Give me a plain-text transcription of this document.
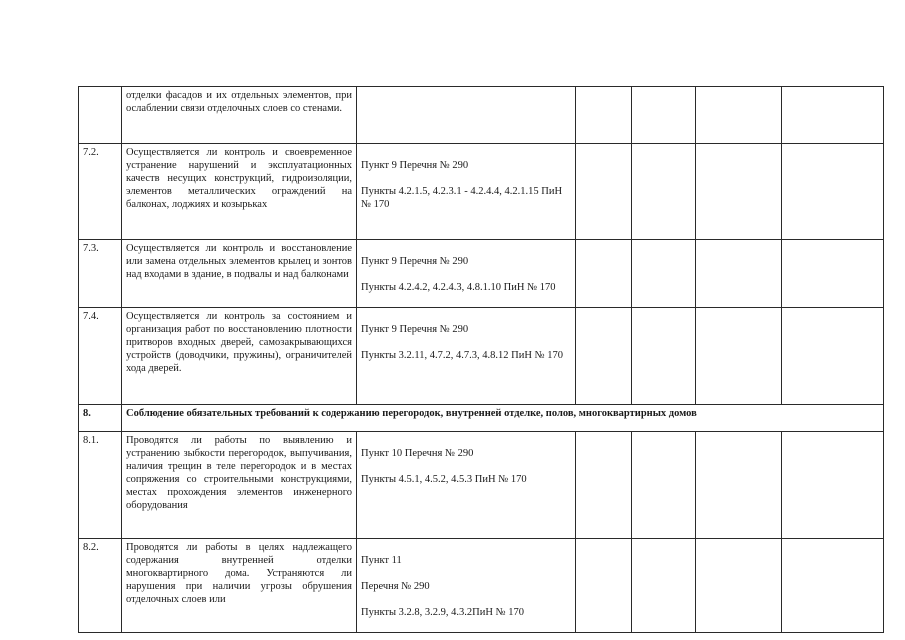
	отделки фасадов и их отдельных элементов, при ослаблении связи отделочных слоев со стенами.					
7.2.	Осуществляется ли контроль и своевременное устранение нарушений и эксплуатационных качеств несущих конструкций, гидроизоляции, элементов металлических ограждений на балконах, лоджиях и козырьках	Пункт 9 Перечня № 290

Пункты 4.2.1.5, 4.2.3.1 - 4.2.4.4, 4.2.1.15 ПиН № 170				

7.3.	Осуществляется ли контроль и восстановление или замена отдельных элементов крылец и зонтов над входами в здание, в подвалы и над балконами	Пункт 9 Перечня № 290

Пункты 4.2.4.2, 4.2.4.3, 4.8.1.10 ПиН № 170				

7.4.	Осуществляется ли контроль за состоянием и организация работ по восстановлению плотности притворов входных дверей, самозакрывающихся устройств (доводчики, пружины), ограничителей хода дверей.	Пункт 9 Перечня № 290

Пункты 3.2.11, 4.7.2, 4.7.3, 4.8.12 ПиН № 170				

8.	Соблюдение обязательных требований к содержанию перегородок, внутренней отделке, полов, многоквартирных домов					
8.1.	Проводятся ли работы по выявлению и устранению зыбкости перегородок, выпучивания, наличия трещин в теле перегородок и в местах сопряжения со строительными конструкциями, местах прохождения элементов инженерного оборудования	Пункт 10 Перечня № 290

Пункты 4.5.1, 4.5.2, 4.5.3 ПиН № 170				

8.2.	Проводятся ли работы в целях надлежащего содержания внутренней отделки многоквартирного дома. Устраняются ли нарушения при наличии угрозы обрушения отделочных слоев или	Пункт 11

Перечня № 290

Пункты 3.2.8, 3.2.9, 4.3.2ПиН № 170				
